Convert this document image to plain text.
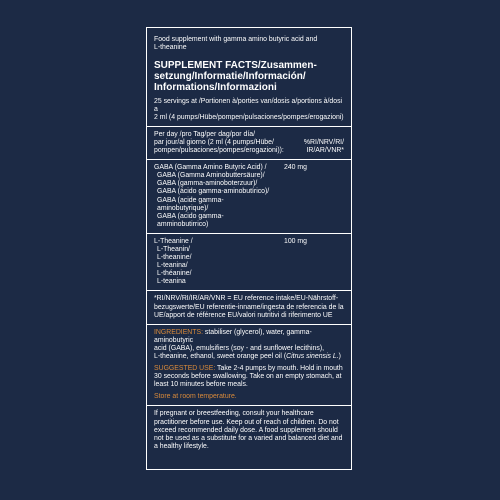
Food supplement with gamma amino butyric acid and
L-theanine
SUPPLEMENT FACTS/Zusammen-
setzung/Informatie/Información/
Informations/Informazioni
25 servings at /Portionen à/porties van/dosis a/portions à/dosi a
2 ml (4 pumps/Hübe/pompen/pulsaciones/pompes/erogazioni)
Per day /pro Tag/per dag/por día/
par jour/al giorno (2 ml (4 pumps/Hübe/
pompen/pulsaciones/pompes/erogazioni)):
%RI/NRV/RI/
IR/AR/VNR*
GABA (Gamma Amino Butyric Acid) /
GABA (Gamma Aminobuttersäure)/
GABA (gamma-aminoboterzuur)/
GABA (ácido gamma-aminobutírico)/
GABA (acide gamma-aminobutyrique)/
GABA (acido gamma-amminobutirrico)
240 mg
L-Theanine /
L-Theanin/
L-theanine/
L-teanina/
L-théanine/
L-teanina
100 mg
*RI/NRV/RI/IR/AR/VNR = EU reference intake/EU-Nährstoff-
bezugswerte/EU referentie-inname/ingesta de referencia de la
UE/apport de référence EU/valori nutritivi di riferimento UE
INGREDIENTS: stabiliser (glycerol), water, gamma-aminobutyric
acid (GABA), emulsifiers (soy - and sunflower lecithins),
L-theanine, ethanol, sweet orange peel oil (Citrus sinensis L.)
SUGGESTED USE: Take 2-4 pumps by mouth. Hold in mouth
30 seconds before swallowing. Take on an empty stomach, at
least 10 minutes before meals.
Store at room temperature.
If pregnant or breestfeeding, consult your healthcare
practitioner before use. Keep out of reach of children. Do not
exceed recommended daily dose. A food supplement should
not be used as a substitute for a varied and balanced diet and
a healthy lifestyle.
